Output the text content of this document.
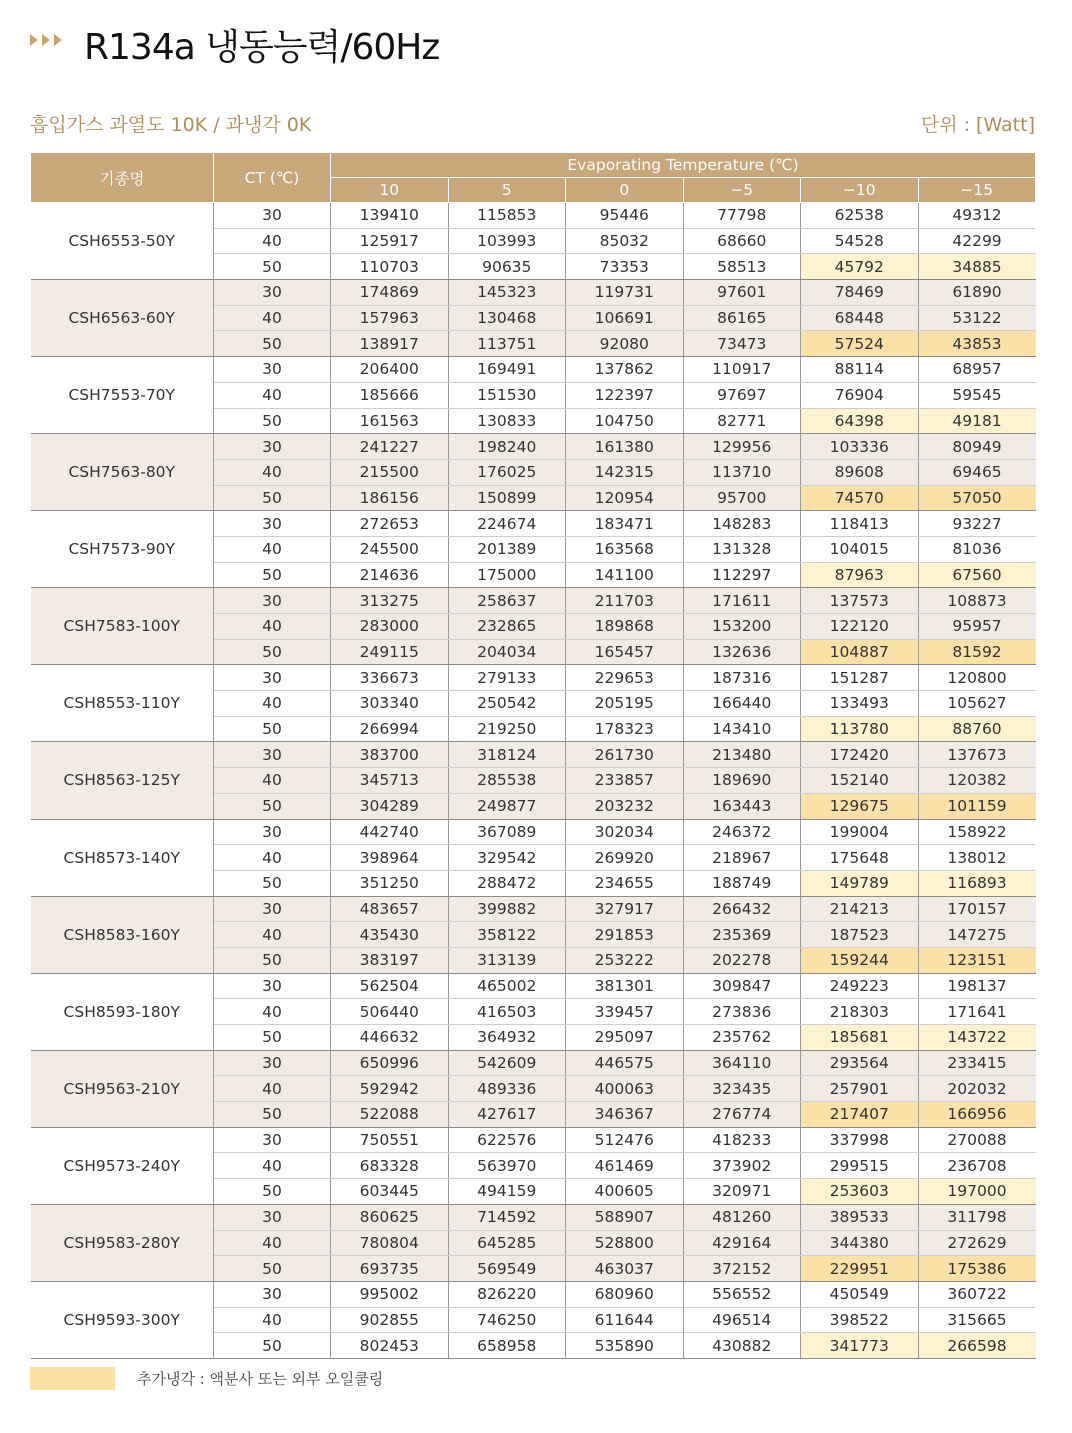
R134a 냉동능력/60Hz
흡입가스 과열도 10K / 과냉각 0K	단위 : [Watt]
기종명	CT (℃)	Evaporating Temperature (℃)					
		10	5	0	−5	−10	−15
CSH6553-50Y	30	139410	115853	95446	77798	62538	49312
	40	125917	103993	85032	68660	54528	42299
	50	110703	90635	73353	58513	45792	34885
CSH6563-60Y	30	174869	145323	119731	97601	78469	61890
	40	157963	130468	106691	86165	68448	53122
	50	138917	113751	92080	73473	57524	43853
CSH7553-70Y	30	206400	169491	137862	110917	88114	68957
	40	185666	151530	122397	97697	76904	59545
	50	161563	130833	104750	82771	64398	49181
CSH7563-80Y	30	241227	198240	161380	129956	103336	80949
	40	215500	176025	142315	113710	89608	69465
	50	186156	150899	120954	95700	74570	57050
CSH7573-90Y	30	272653	224674	183471	148283	118413	93227
	40	245500	201389	163568	131328	104015	81036
	50	214636	175000	141100	112297	87963	67560
CSH7583-100Y	30	313275	258637	211703	171611	137573	108873
	40	283000	232865	189868	153200	122120	95957
	50	249115	204034	165457	132636	104887	81592
CSH8553-110Y	30	336673	279133	229653	187316	151287	120800
	40	303340	250542	205195	166440	133493	105627
	50	266994	219250	178323	143410	113780	88760
CSH8563-125Y	30	383700	318124	261730	213480	172420	137673
	40	345713	285538	233857	189690	152140	120382
	50	304289	249877	203232	163443	129675	101159
CSH8573-140Y	30	442740	367089	302034	246372	199004	158922
	40	398964	329542	269920	218967	175648	138012
	50	351250	288472	234655	188749	149789	116893
CSH8583-160Y	30	483657	399882	327917	266432	214213	170157
	40	435430	358122	291853	235369	187523	147275
	50	383197	313139	253222	202278	159244	123151
CSH8593-180Y	30	562504	465002	381301	309847	249223	198137
	40	506440	416503	339457	273836	218303	171641
	50	446632	364932	295097	235762	185681	143722
CSH9563-210Y	30	650996	542609	446575	364110	293564	233415
	40	592942	489336	400063	323435	257901	202032
	50	522088	427617	346367	276774	217407	166956
CSH9573-240Y	30	750551	622576	512476	418233	337998	270088
	40	683328	563970	461469	373902	299515	236708
	50	603445	494159	400605	320971	253603	197000
CSH9583-280Y	30	860625	714592	588907	481260	389533	311798
	40	780804	645285	528800	429164	344380	272629
	50	693735	569549	463037	372152	229951	175386
CSH9593-300Y	30	995002	826220	680960	556552	450549	360722
	40	902855	746250	611644	496514	398522	315665
	50	802453	658958	535890	430882	341773	266598
추가냉각 : 액분사 또는 외부 오일쿨링
